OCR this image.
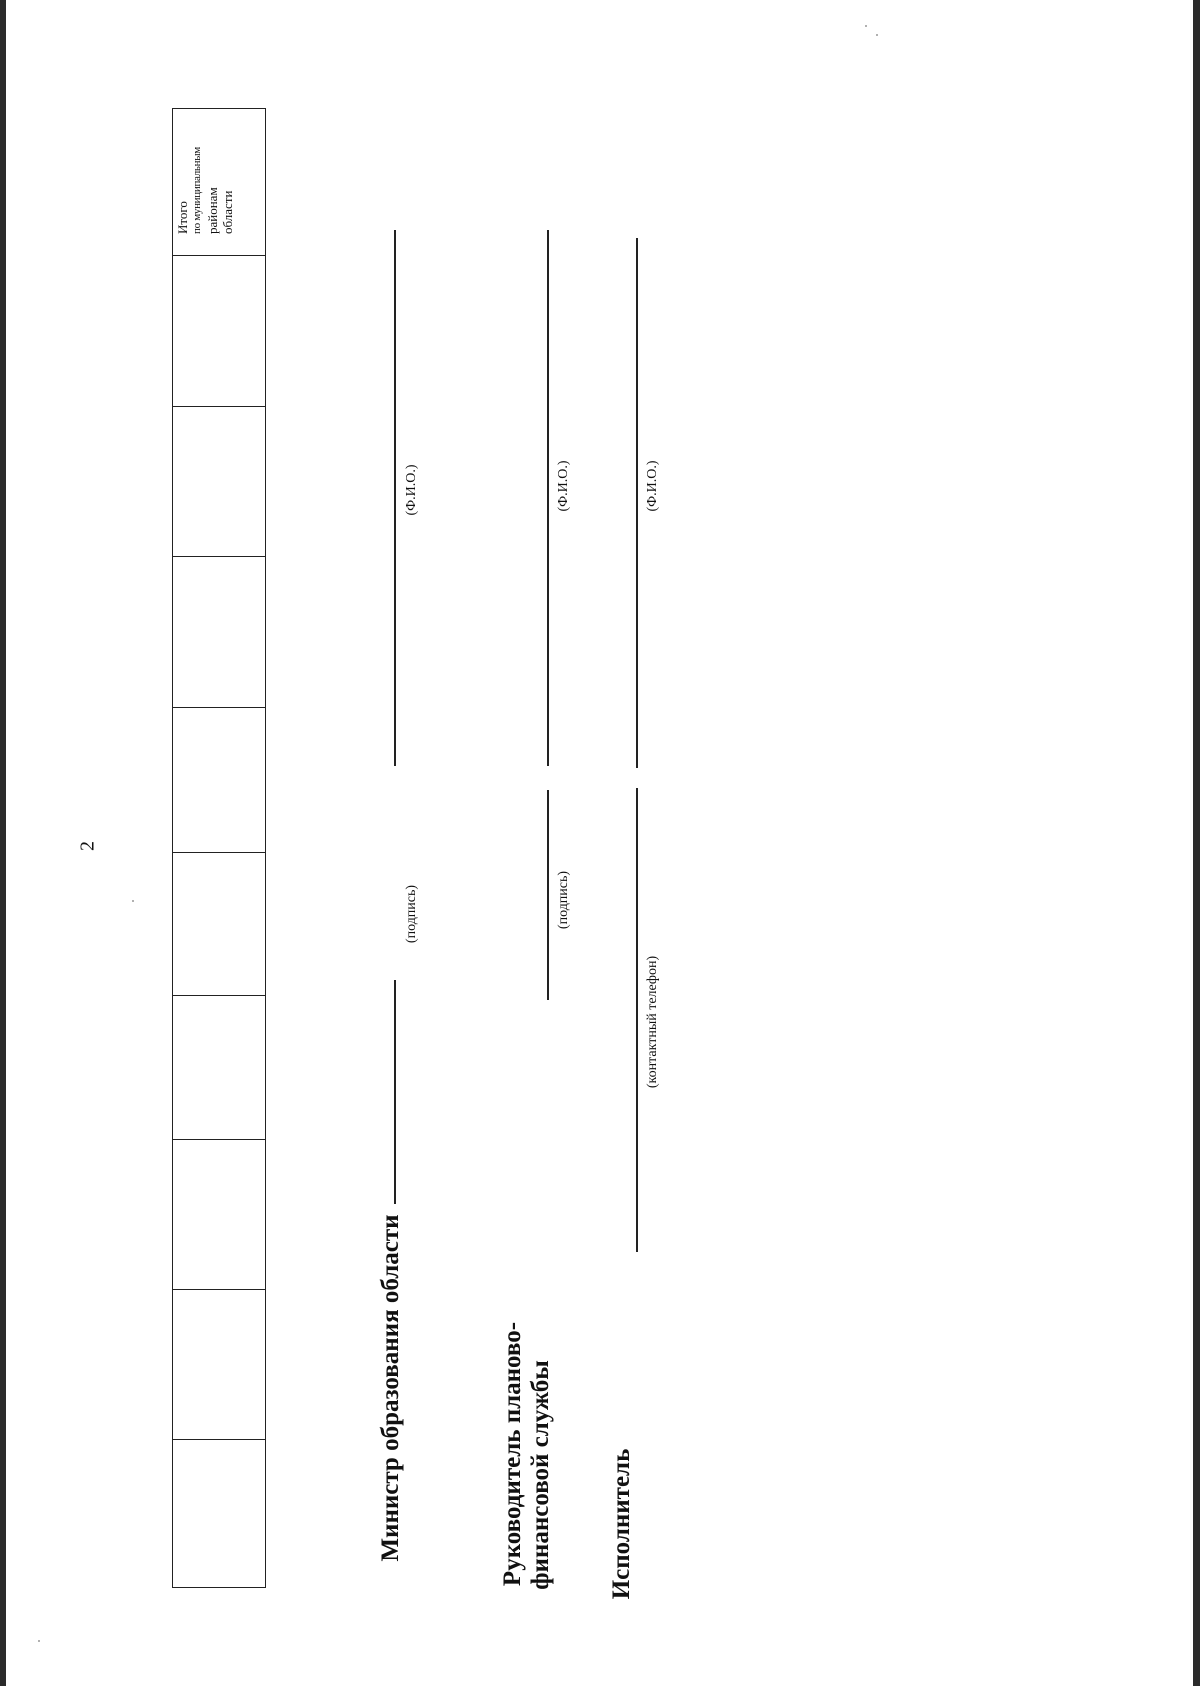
2
Итого по муниципальным районам области
Министр образования области
(подпись)
(Ф.И.О.)
Руководитель планово- финансовой службы
(подпись)
(Ф.И.О.)
Исполнитель
(контактный телефон)
(Ф.И.О.)
